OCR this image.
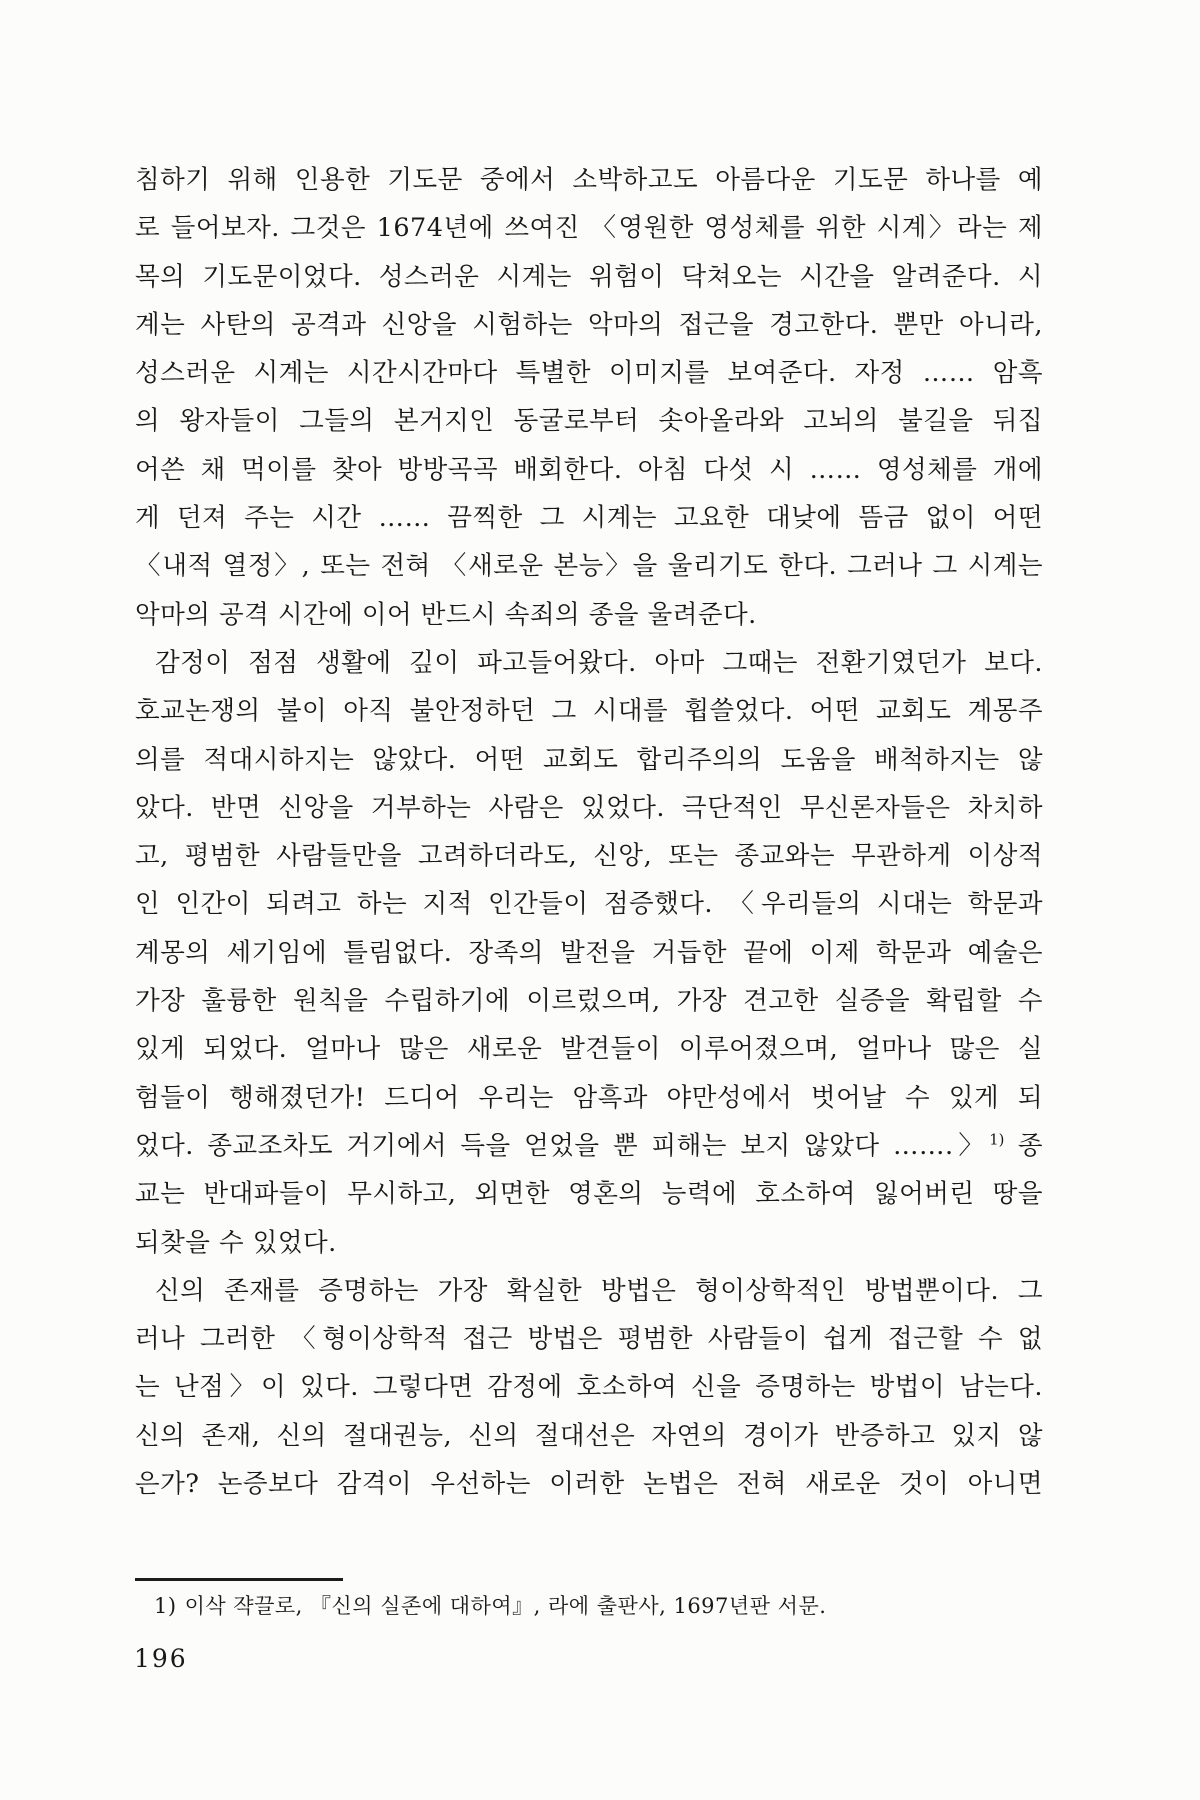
침하기 위해 인용한 기도문 중에서 소박하고도 아름다운 기도문 하나를 예
로 들어보자. 그것은 1674년에 쓰여진 〈영원한 영성체를 위한 시계〉라는 제
목의 기도문이었다. 성스러운 시계는 위험이 닥쳐오는 시간을 알려준다. 시
계는 사탄의 공격과 신앙을 시험하는 악마의 접근을 경고한다. 뿐만 아니라,
성스러운 시계는 시간시간마다 특별한 이미지를 보여준다. 자정 …… 암흑
의 왕자들이 그들의 본거지인 동굴로부터 솟아올라와 고뇌의 불길을 뒤집
어쓴 채 먹이를 찾아 방방곡곡 배회한다. 아침 다섯 시 …… 영성체를 개에
게 던져 주는 시간 …… 끔찍한 그 시계는 고요한 대낮에 뜸금 없이 어떤
〈내적 열정〉, 또는 전혀 〈새로운 본능〉을 울리기도 한다. 그러나 그 시계는
악마의 공격 시간에 이어 반드시 속죄의 종을 울려준다.
감정이 점점 생활에 깊이 파고들어왔다. 아마 그때는 전환기였던가 보다.
호교논쟁의 불이 아직 불안정하던 그 시대를 휩쓸었다. 어떤 교회도 계몽주
의를 적대시하지는 않았다. 어떤 교회도 합리주의의 도움을 배척하지는 않
았다. 반면 신앙을 거부하는 사람은 있었다. 극단적인 무신론자들은 차치하
고, 평범한 사람들만을 고려하더라도, 신앙, 또는 종교와는 무관하게 이상적
인 인간이 되려고 하는 지적 인간들이 점증했다. 〈우리들의 시대는 학문과
계몽의 세기임에 틀림없다. 장족의 발전을 거듭한 끝에 이제 학문과 예술은
가장 훌륭한 원칙을 수립하기에 이르렀으며, 가장 견고한 실증을 확립할 수
있게 되었다. 얼마나 많은 새로운 발견들이 이루어졌으며, 얼마나 많은 실
험들이 행해졌던가! 드디어 우리는 암흑과 야만성에서 벗어날 수 있게 되
었다. 종교조차도 거기에서 득을 얻었을 뿐 피해는 보지 않았다 …….〉$^{1)}$ 종
교는 반대파들이 무시하고, 외면한 영혼의 능력에 호소하여 잃어버린 땅을
되찾을 수 있었다.
신의 존재를 증명하는 가장 확실한 방법은 형이상학적인 방법뿐이다. 그
러나 그러한 〈형이상학적 접근 방법은 평범한 사람들이 쉽게 접근할 수 없
는 난점〉이 있다. 그렇다면 감정에 호소하여 신을 증명하는 방법이 남는다.
신의 존재, 신의 절대권능, 신의 절대선은 자연의 경이가 반증하고 있지 않
은가? 논증보다 감격이 우선하는 이러한 논법은 전혀 새로운 것이 아니면
1) 이삭 쟉끌로, 『신의 실존에 대하여』, 라에 출판사, 1697년판 서문.
196
